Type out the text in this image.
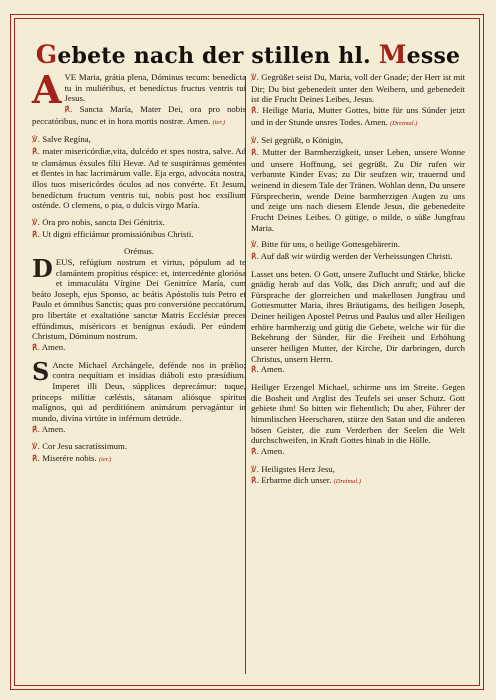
Gebete nach der stillen hl. Messe

AVE Maria, grátia plena, Dóminus tecum: benedícta tu in muliéribus, et benedíctus fructus ventris tui Jesus.

℟. Sancta María, Mater Dei, ora pro nobis peccatóribus, nunc et in hora mortis nostræ. Amen. (ter.)

℣. Salve Regína,

℟. mater misericórdiæ,vita, dulcédo et spes nostra, salve. Ad te clamámus éxsules fílii Hevæ. Ad te suspirámus geméntes et flentes in hac lacrimárum valle. Eja ergo, advocáta nostra, illos tuos misericórdes óculos ad nos convérte. Et Jesum, benedíctum fructum ventris tui, nobis post hoc exsílium osténde. O clemens, o pia, o dulcis virgo María.

℣. Ora pro nobis, sancta Dei Génitrix.

℟. Ut digni efficiámur promissiónibus Christi.

Orémus.

DEUS, refúgium nostrum et virtus, pópulum ad te clamántem propítius réspice: et, intercedénte gloriósa et immaculáta Vírgine Dei Genitríce María, cum beáto Joseph, ejus Sponso, ac beátis Apóstolis tuis Petro et Paulo et ómnibus Sanctis; quas pro conversióne peccatórum, pro libertáte et exaltatióne sanctæ Matris Ecclésiæ preces effúndimus, miséricors et benígnus exáudi. Per eúndem Christum, Dóminum nostrum.

℟. Amen.

S Ancte Míchael Archángele, defénde nos in prǽlio; contra nequítiam et insídias diáboli esto præsídium. Imperet illi Deus, súpplices deprecámur: tuque, princeps milítiæ cæléstis, sátanam aliósque spíritus malígnos, qui ad perditiónem animárum pervagántur in mundo, divína virtúte in inférnum detrúde.

℟. Amen.

℣. Cor Jesu sacratíssimum.

℟. Miserére nobis. (ter.)

℣. Gegrüßet seist Du, Maria, voll der Gnade; der Herr ist mit Dir; Du bist gebenedeit unter den Weibern, und gebenedeit ist die Frucht Deines Leibes, Jesus.

℟. Heilige Maria, Mutter Gottes, bitte für uns Sünder jetzt und in der Stunde unsres Todes. Amen. (Dreimal.)

℣. Sei gegrüßt, o Königin,

℟. Mutter der Barmherzigkeit, unser Leben, unsere Wonne und unsere Hoffnung, sei gegrüßt. Zu Dir rufen wir verbannte Kinder Evas; zu Dir seufzen wir, trauernd und weinend in diesem Tale der Tränen. Wohlan denn, Du unsere Fürsprecherin, wende Deine barmherzigen Augen zu uns und zeige uns nach diesem Elende Jesus, die gebenedeite Frucht Deines Leibes. O gütige, o milde, o süße Jungfrau Maria.

℣. Bitte für uns, o heilige Gottesgebärerin.

℟. Auf daß wir würdig werden der Verheissungen Christi.

Lasset uns beten. O Gott, unsere Zuflucht und Stärke, blicke gnädig herab auf das Volk, das Dich anruft; und auf die Fürsprache der glorreichen und makellosen Jungfrau und Gottesmutter Maria, ihres Bräutigams, des heiligen Joseph, Deiner heiligen Apostel Petrus und Paulus und aller Heiligen erhöre barmherzig und gütig die Gebete, welche wir für die Bekehrung der Sünder, für die Freiheit und Erhöhung unserer heiligen Mutter, der Kirche, Dir darbringen, durch Christus, unsern Herrn.

℟. Amen.

Heiliger Erzengel Michael, schirme uns im Streite. Gegen die Bosheit und Arglist des Teufels sei unser Schutz. Gott gebiete ihm! So bitten wir flehentlich; Du aber, Führer der himmlischen Heerscharen, stürze den Satan und die anderen bösen Geister, die zum Verderben der Seelen die Welt durchschweifen, in Kraft Gottes hinab in die Hölle.

℟. Amen.

℣. Heiligstes Herz Jesu,

℟. Erbarme dich unser. (Dreimal.)
